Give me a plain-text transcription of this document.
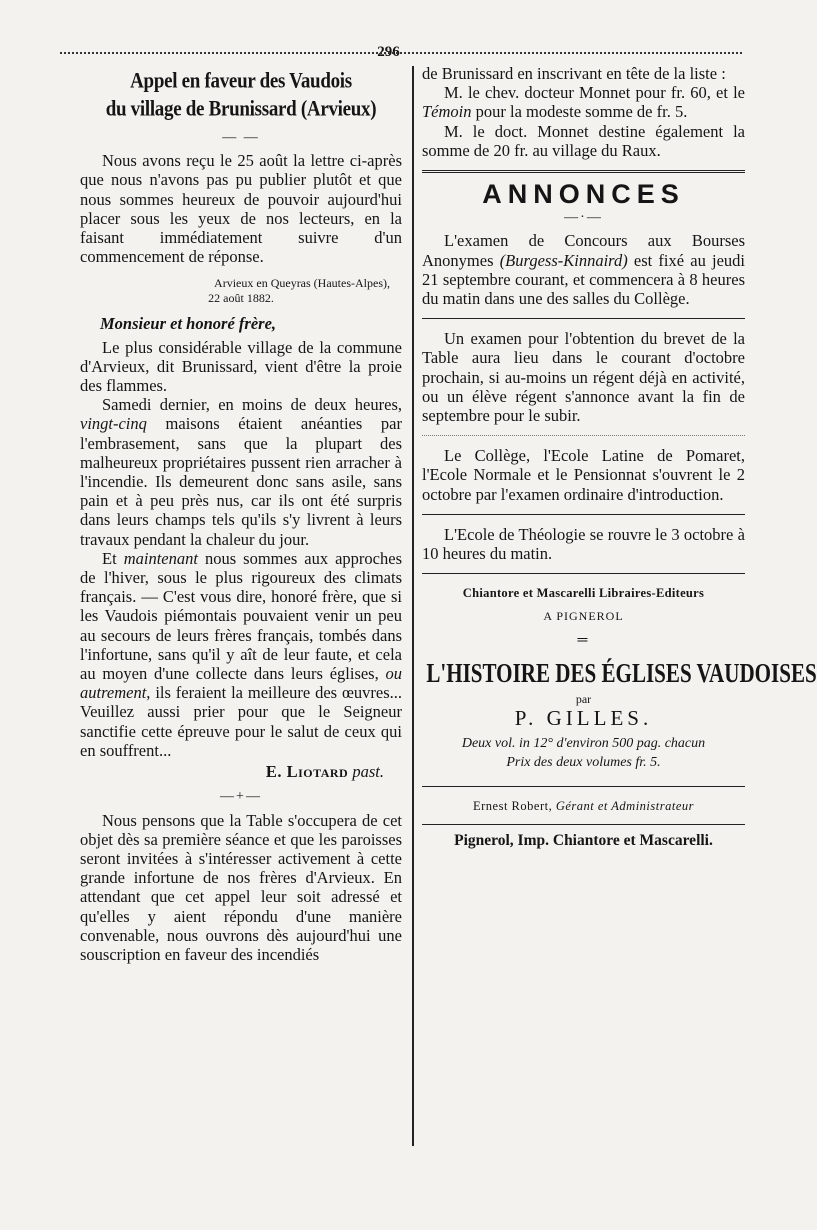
296
Appel en faveur des Vaudois
du village de Brunissard (Arvieux)
— —

Nous avons reçu le 25 août la lettre ci-après que nous n'avons pas pu publier plutôt et que nous sommes heureux de pouvoir aujourd'hui placer sous les yeux de nos lecteurs, en la faisant immédiatement suivre d'un commencement de réponse.

Arvieux en Queyras (Hautes-Alpes),
22 août 1882.
Monsieur et honoré frère,

Le plus considérable village de la commune d'Arvieux, dit Brunissard, vient d'être la proie des flammes.

Samedi dernier, en moins de deux heures, vingt-cinq maisons étaient anéanties par l'embrasement, sans que la plupart des malheureux propriétaires pussent rien arracher à l'incendie. Ils demeurent donc sans asile, sans pain et à peu près nus, car ils ont été surpris dans leurs champs tels qu'ils s'y livrent à leurs travaux pendant la chaleur du jour.

Et maintenant nous sommes aux approches de l'hiver, sous le plus rigoureux des climats français. — C'est vous dire, honoré frère, que si les Vaudois piémontais pouvaient venir un peu au secours de leurs frères français, tombés dans l'infortune, sans qu'il y aît de leur faute, et cela au moyen d'une collecte dans leurs églises, ou autrement, ils feraient la meilleure des œuvres... Veuillez aussi prier pour que le Seigneur sanctifie cette épreuve pour le salut de ceux qui en souffrent...

E. Liotard past.
—+—

Nous pensons que la Table s'occupera de cet objet dès sa première séance et que les paroisses seront invitées à s'intéresser activement à cette grande infortune de nos frères d'Arvieux. En attendant que cet appel leur soit adressé et qu'elles y aient répondu d'une manière convenable, nous ouvrons dès aujourd'hui une souscription en faveur des incendiés

de Brunissard en inscrivant en tête de la liste :

M. le chev. docteur Monnet pour fr. 60, et le Témoin pour la modeste somme de fr. 5.

M. le doct. Monnet destine également la somme de 20 fr. au village du Raux.

ANNONCES
—·—

L'examen de Concours aux Bourses Anonymes (Burgess-Kinnaird) est fixé au jeudi 21 septembre courant, et commencera à 8 heures du matin dans une des salles du Collège.

Un examen pour l'obtention du brevet de la Table aura lieu dans le courant d'octobre prochain, si au-moins un régent déjà en activité, ou un élève régent s'annonce avant la fin de septembre pour le subir.

Le Collège, l'Ecole Latine de Pomaret, l'Ecole Normale et le Pensionnat s'ouvrent le 2 octobre par l'examen ordinaire d'introduction.

L'Ecole de Théologie se rouvre le 3 octobre à 10 heures du matin.

Chiantore et Mascarelli Libraires-Editeurs
A PIGNEROL
═
L'HISTOIRE DES ÉGLISES VAUDOISES
par
P. GILLES.
Deux vol. in 12° d'environ 500 pag. chacun
Prix des deux volumes fr. 5.
Ernest Robert, Gérant et Administrateur
Pignerol, Imp. Chiantore et Mascarelli.
